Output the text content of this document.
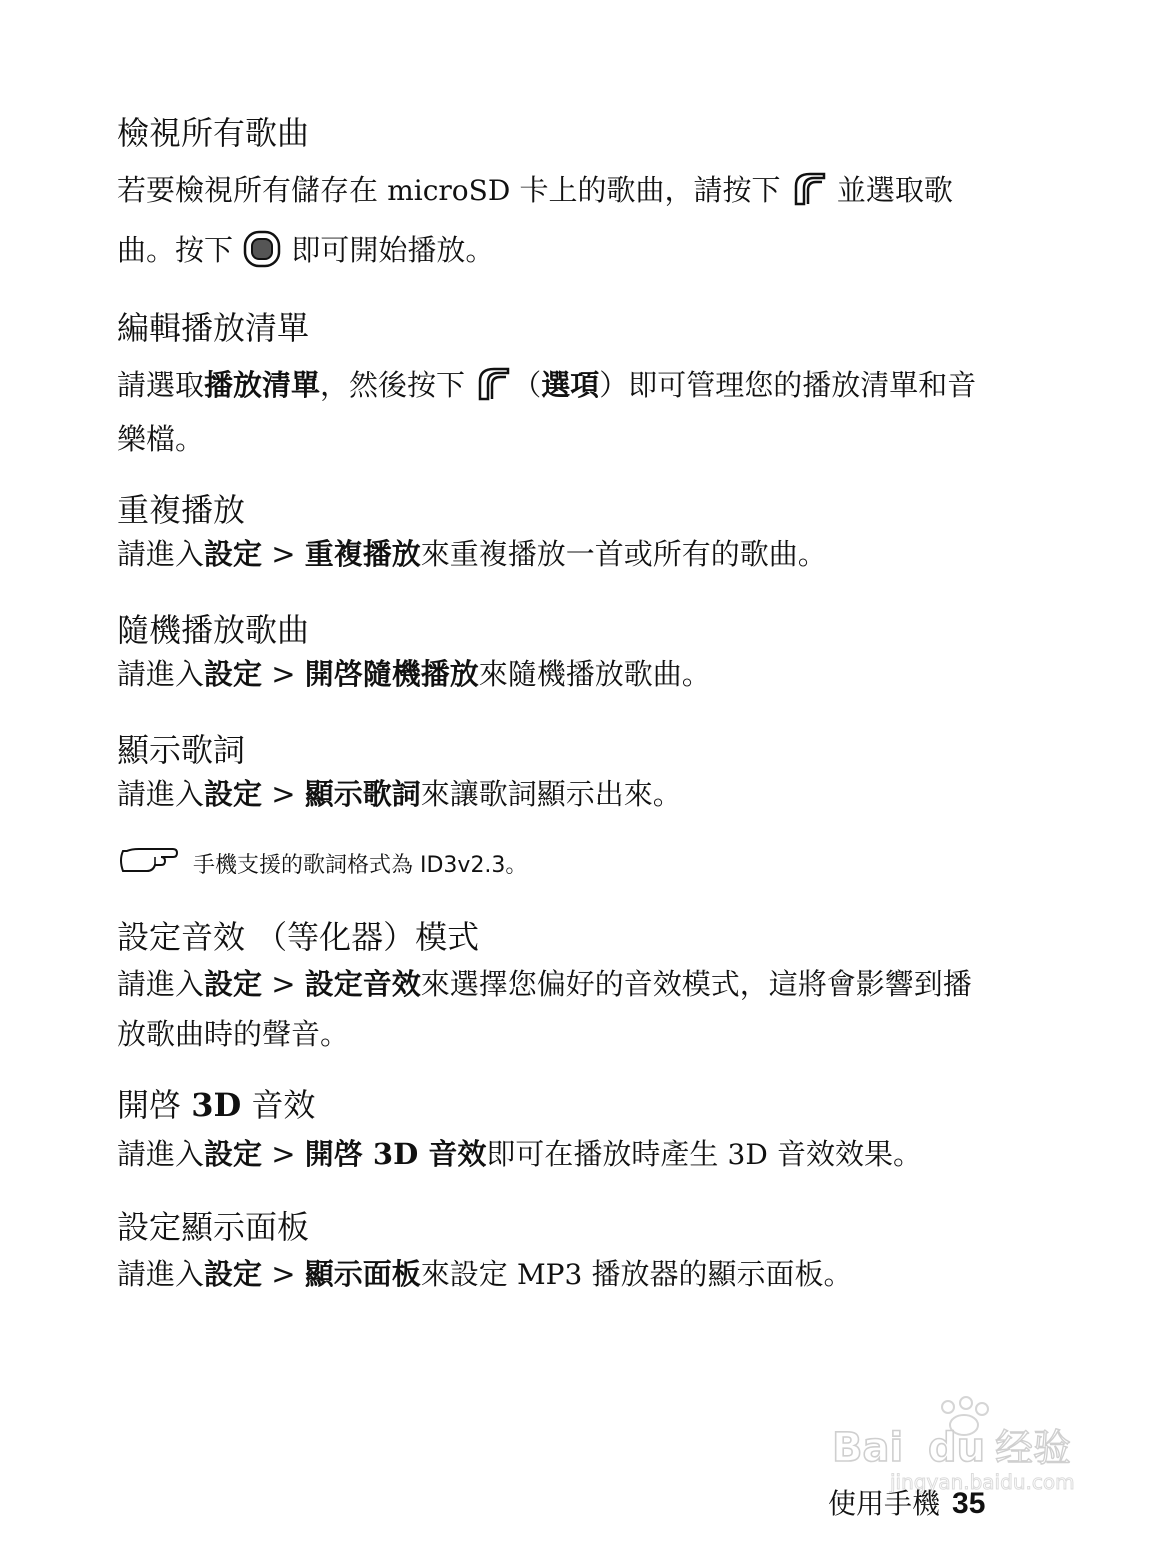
檢視所有歌曲
若要檢視所有儲存在 microSD 卡上的歌曲，請按下  並選取歌
曲。按下  即可開始播放。
編輯播放清單
請選取播放清單，然後按下 （選項）即可管理您的播放清單和音
樂檔。
重複播放
請進入設定 > 重複播放來重複播放一首或所有的歌曲。
隨機播放歌曲
請進入設定 > 開啓隨機播放來隨機播放歌曲。
顯示歌詞
請進入設定 > 顯示歌詞來讓歌詞顯示出來。
手機支援的歌詞格式為 ID3v2.3。
設定音效 （等化器）模式
請進入設定 > 設定音效來選擇您偏好的音效模式，這將會影響到播
放歌曲時的聲音。
開啓 3D 音效
請進入設定 > 開啓 3D 音效即可在播放時產生 3D 音效效果。
設定顯示面板
請進入設定 > 顯示面板來設定 MP3 播放器的顯示面板。
Bai du 经验
jingyan.baidu.com
使用手機 35
